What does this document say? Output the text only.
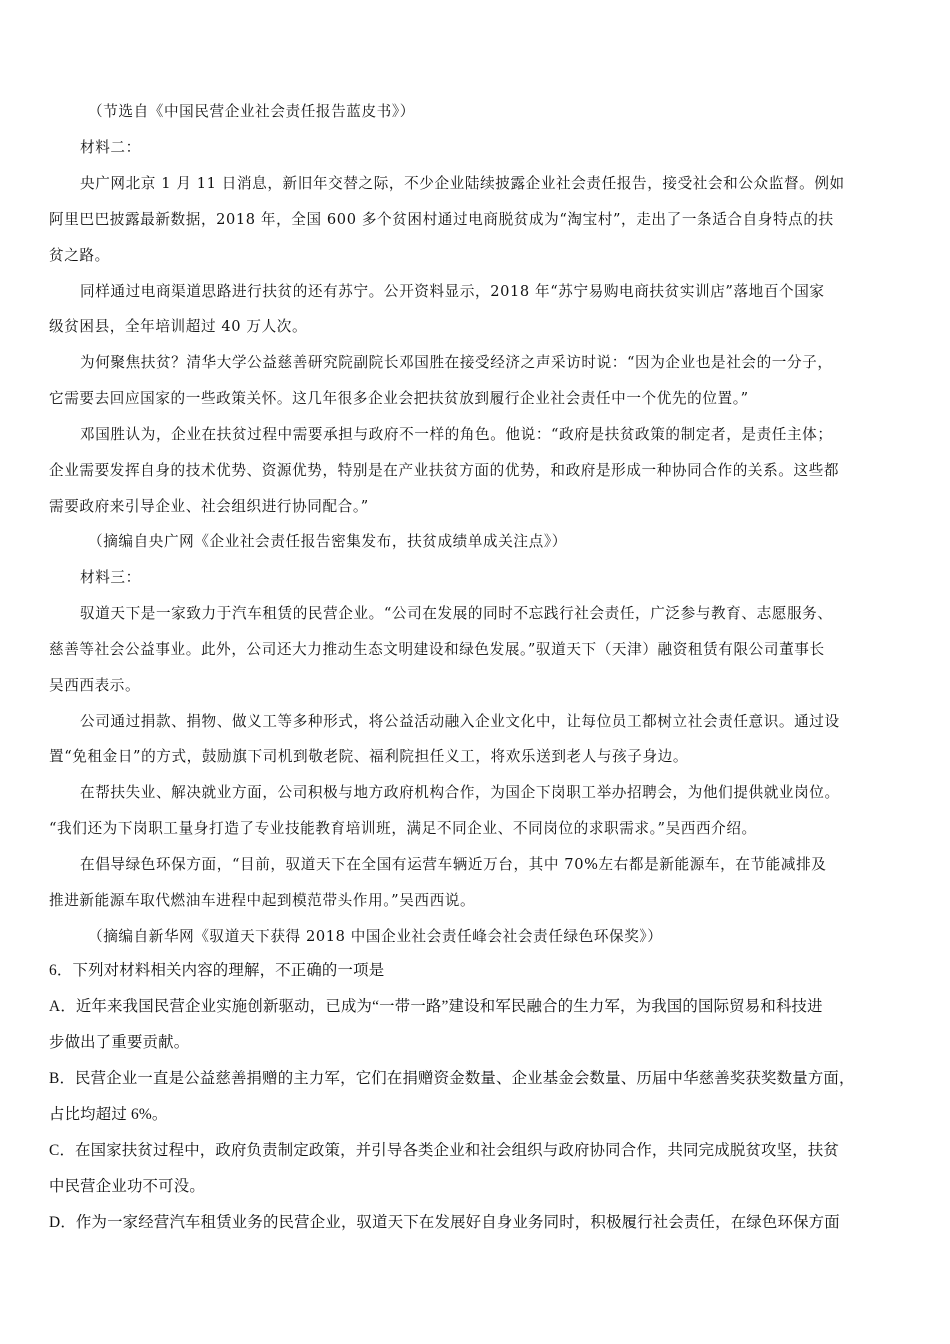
（节选自《中国民营企业社会责任报告蓝皮书》）
材料二：
央广网北京 1 月 11 日消息，新旧年交替之际，不少企业陆续披露企业社会责任报告，接受社会和公众监督。例如
阿里巴巴披露最新数据，2018 年，全国 600 多个贫困村通过电商脱贫成为“淘宝村”，走出了一条适合自身特点的扶
贫之路。
同样通过电商渠道思路进行扶贫的还有苏宁。公开资料显示，2018 年“苏宁易购电商扶贫实训店”落地百个国家
级贫困县，全年培训超过 40 万人次。
为何聚焦扶贫？清华大学公益慈善研究院副院长邓国胜在接受经济之声采访时说：“因为企业也是社会的一分子，
它需要去回应国家的一些政策关怀。这几年很多企业会把扶贫放到履行企业社会责任中一个优先的位置。”
邓国胜认为，企业在扶贫过程中需要承担与政府不一样的角色。他说：“政府是扶贫政策的制定者，是责任主体；
企业需要发挥自身的技术优势、资源优势，特别是在产业扶贫方面的优势，和政府是形成一种协同合作的关系。这些都
需要政府来引导企业、社会组织进行协同配合。”
（摘编自央广网《企业社会责任报告密集发布，扶贫成绩单成关注点》）
材料三：
驭道天下是一家致力于汽车租赁的民营企业。“公司在发展的同时不忘践行社会责任，广泛参与教育、志愿服务、
慈善等社会公益事业。此外，公司还大力推动生态文明建设和绿色发展。”驭道天下（天津）融资租赁有限公司董事长
吴西西表示。
公司通过捐款、捐物、做义工等多种形式，将公益活动融入企业文化中，让每位员工都树立社会责任意识。通过设
置“免租金日”的方式，鼓励旗下司机到敬老院、福利院担任义工，将欢乐送到老人与孩子身边。
在帮扶失业、解决就业方面，公司积极与地方政府机构合作，为国企下岗职工举办招聘会，为他们提供就业岗位。
“我们还为下岗职工量身打造了专业技能教育培训班，满足不同企业、不同岗位的求职需求。”吴西西介绍。
在倡导绿色环保方面，“目前，驭道天下在全国有运营车辆近万台，其中 70%左右都是新能源车，在节能减排及
推进新能源车取代燃油车进程中起到模范带头作用。”吴西西说。
（摘编自新华网《驭道天下获得 2018 中国企业社会责任峰会社会责任绿色环保奖》）
6．下列对材料相关内容的理解，不正确的一项是
A．近年来我国民营企业实施创新驱动，已成为“一带一路”建设和军民融合的生力军，为我国的国际贸易和科技进
步做出了重要贡献。
B．民营企业一直是公益慈善捐赠的主力军，它们在捐赠资金数量、企业基金会数量、历届中华慈善奖获奖数量方面，
占比均超过 6%。
C．在国家扶贫过程中，政府负责制定政策，并引导各类企业和社会组织与政府协同合作，共同完成脱贫攻坚，扶贫
中民营企业功不可没。
D．作为一家经营汽车租赁业务的民营企业，驭道天下在发展好自身业务同时，积极履行社会责任，在绿色环保方面
